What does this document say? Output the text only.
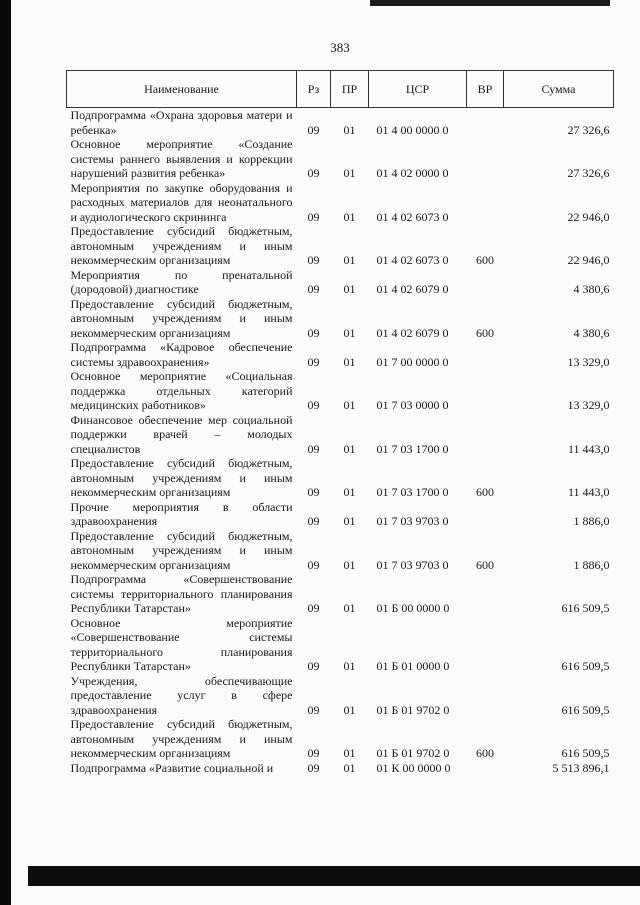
383
Наименование	Рз	ПР	ЦСР	ВР	Сумма
Подпрограмма «Охрана здоровья матери и ребенка»	09	01	01 4 00 0000 0		27 326,6
Основное мероприятие «Создание системы раннего выявления и коррекции нарушений развития ребенка»	09	01	01 4 02 0000 0		27 326,6
Мероприятия по закупке оборудования и расходных материалов для неонатального и аудиологического скрининга	09	01	01 4 02 6073 0		22 946,0
Предоставление субсидий бюджетным, автономным учреждениям и иным некоммерческим организациям	09	01	01 4 02 6073 0	600	22 946,0
Мероприятия по пренатальной (дородовой) диагностике	09	01	01 4 02 6079 0		4 380,6
Предоставление субсидий бюджетным, автономным учреждениям и иным некоммерческим организациям	09	01	01 4 02 6079 0	600	4 380,6
Подпрограмма «Кадровое обеспечение системы здравоохранения»	09	01	01 7 00 0000 0		13 329,0
Основное мероприятие «Социальная поддержка отдельных категорий медицинских работников»	09	01	01 7 03 0000 0		13 329,0
Финансовое обеспечение мер социальной поддержки врачей – молодых специалистов	09	01	01 7 03 1700 0		11 443,0
Предоставление субсидий бюджетным, автономным учреждениям и иным некоммерческим организациям	09	01	01 7 03 1700 0	600	11 443,0
Прочие мероприятия в области здравоохранения	09	01	01 7 03 9703 0		1 886,0
Предоставление субсидий бюджетным, автономным учреждениям и иным некоммерческим организациям	09	01	01 7 03 9703 0	600	1 886,0
Подпрограмма «Совершенствование системы территориального планирования Республики Татарстан»	09	01	01 Б 00 0000 0		616 509,5
Основное мероприятие «Совершенствование системы территориального планирования Республики Татарстан»	09	01	01 Б 01 0000 0		616 509,5
Учреждения, обеспечивающие предоставление услуг в сфере здравоохранения	09	01	01 Б 01 9702 0		616 509,5
Предоставление субсидий бюджетным, автономным учреждениям и иным некоммерческим организациям	09	01	01 Б 01 9702 0	600	616 509,5
Подпрограмма «Развитие социальной и	09	01	01 К 00 0000 0		5 513 896,1
